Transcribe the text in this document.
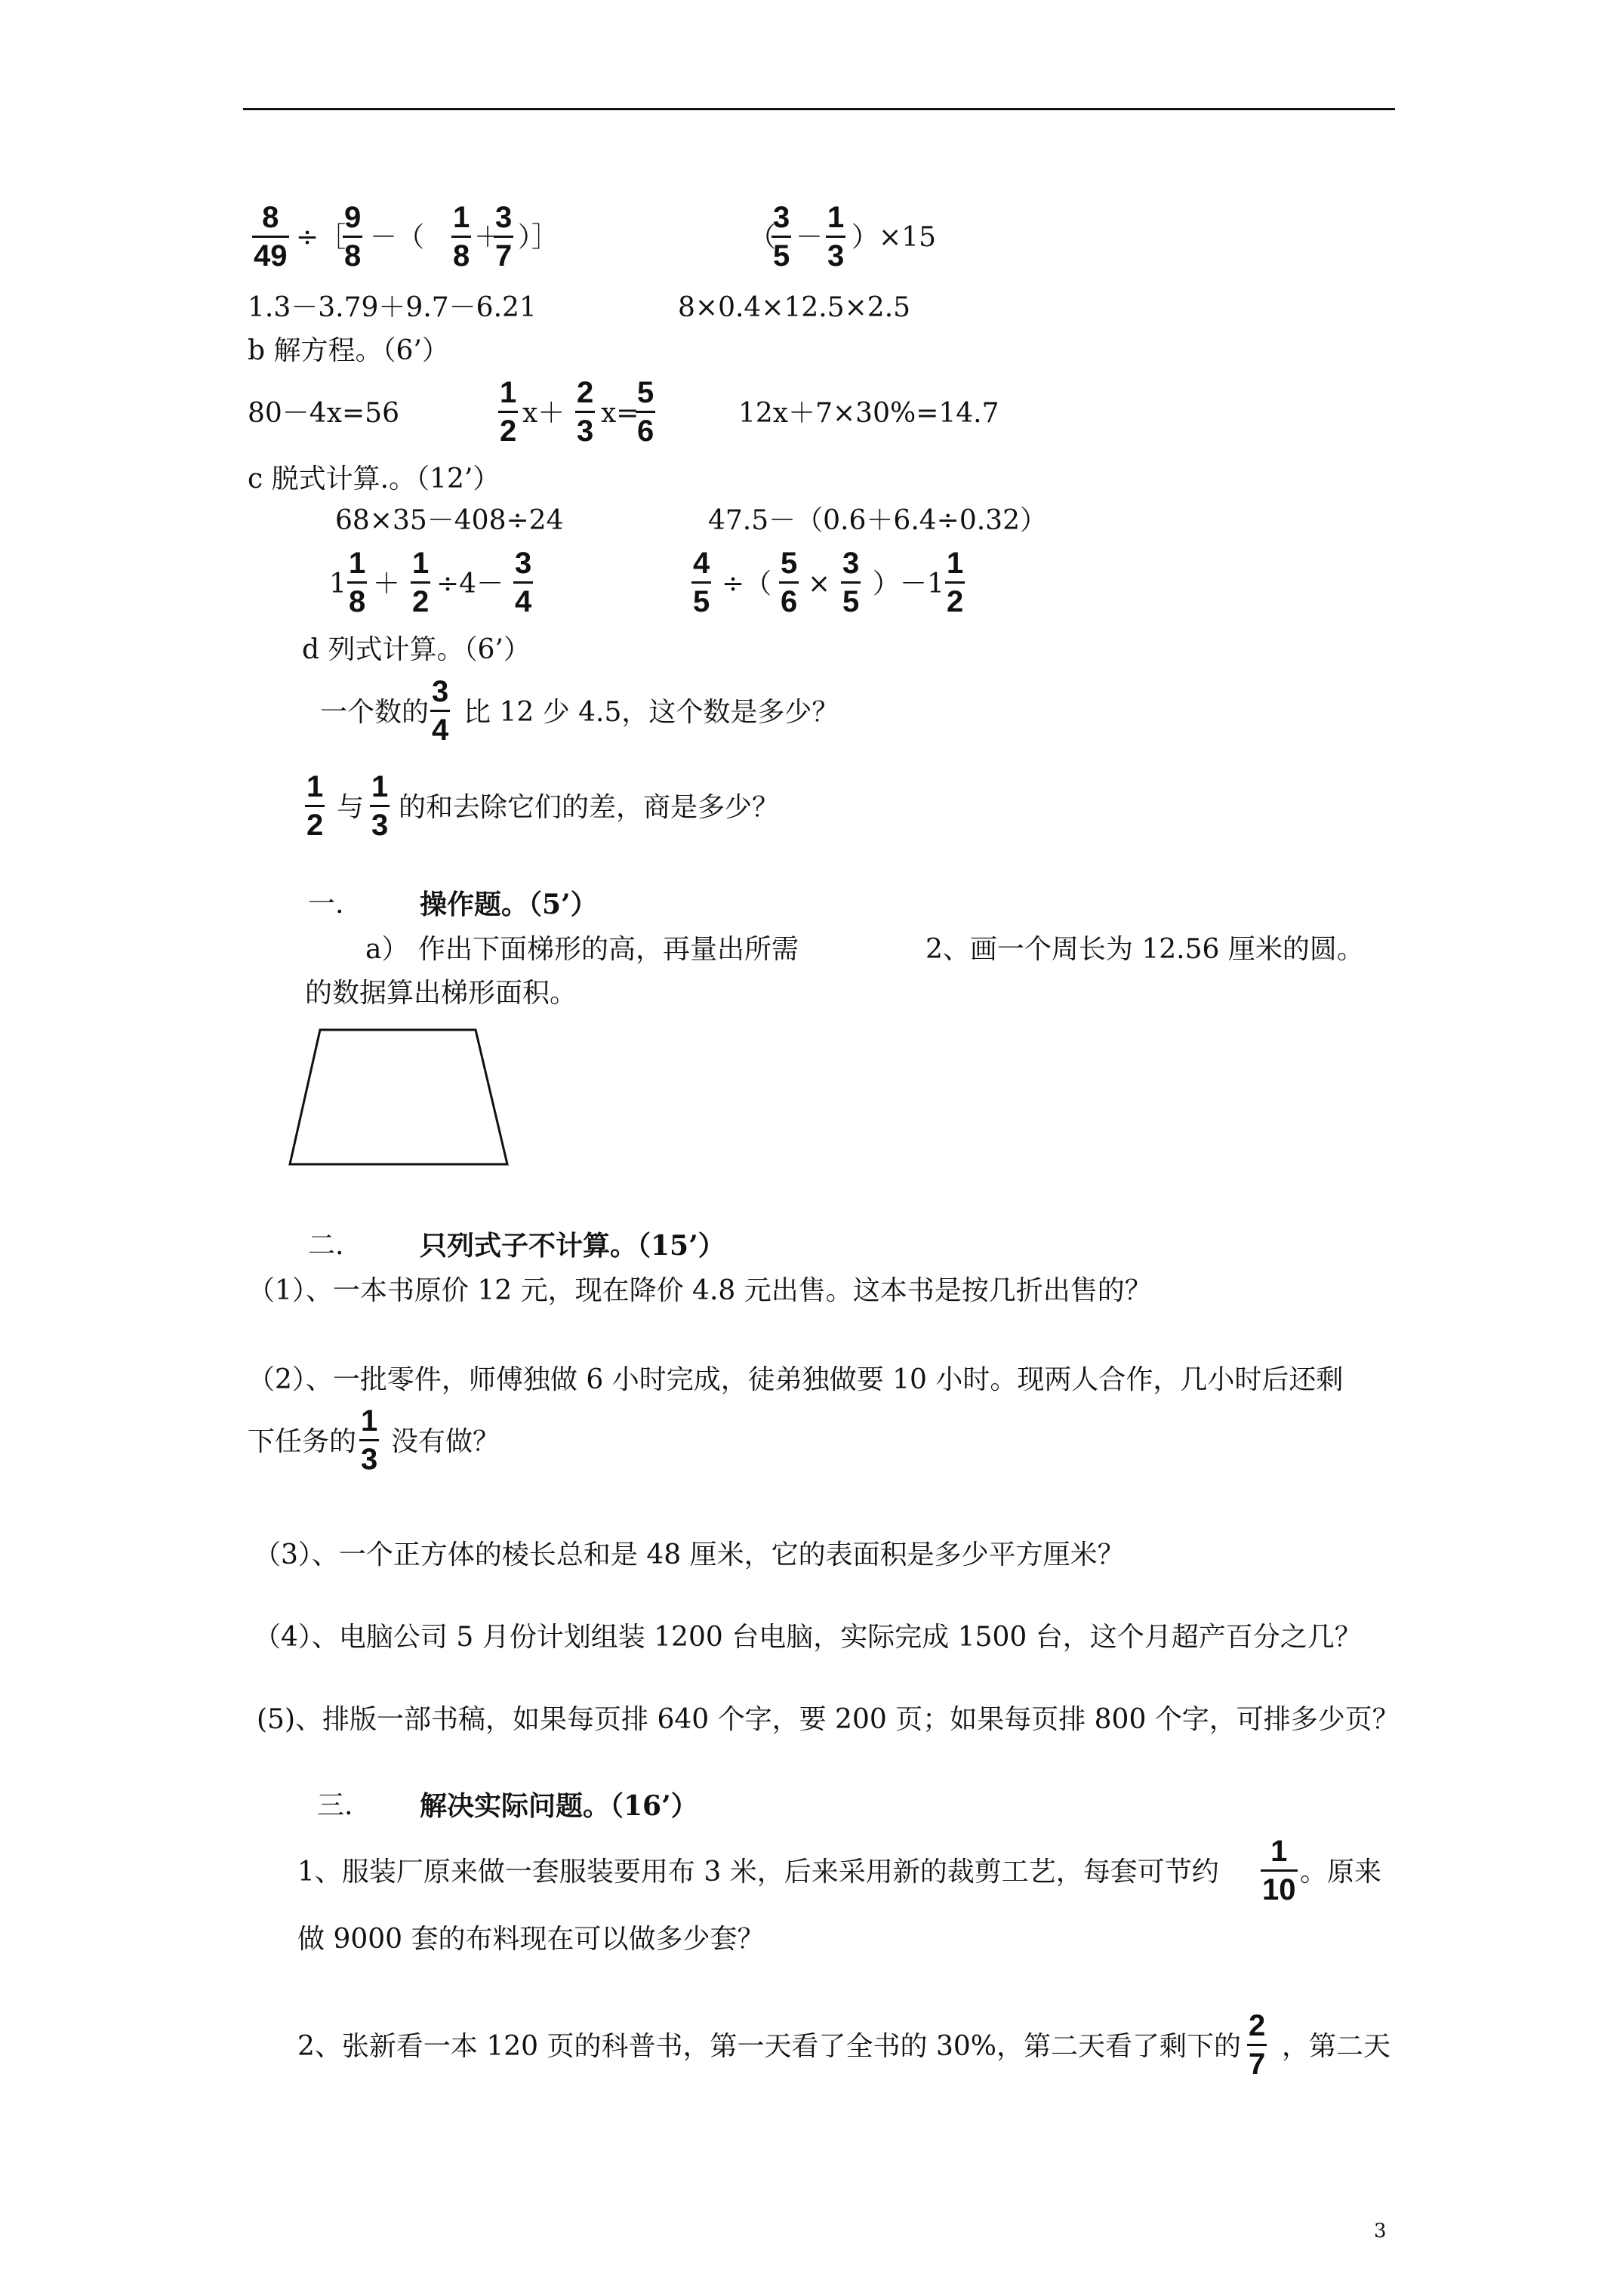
$\frac{8}{49}$ ÷［
$\frac{9}{8}$ －（ $\frac{1}{8}$ ＋
$\frac{3}{7}$ ）］	（
$\frac{3}{5} - \frac{1}{3} )\times 15$
1.3－3.79＋9.7－6.21	8×0.4×12.5×2.5
b 解方程。（6’）
80－4x=56	$\frac{1}{2} x+ \frac{2}{3} x=$
$\frac{5}{6}$	12x＋7×30%=14.7
c 脱式计算.。（12’）
68×35－408÷24	47.5－（0.6＋6.4÷0.32）
$1 \frac{1}{8} + \frac{1}{2} \div 4- \frac{3}{4}$	$\frac{4}{5}$ ÷（ $\frac{5}{6} \times \frac{3}{5} )-1 \frac{1}{2}$
d 列式计算。（6’）
一个数的 $\frac{3}{4}$ 比 12 少 4.5，这个数是多少？
$\frac{1}{2}$ 与 $\frac{1}{3}$ 的和去除它们的差，商是多少？
一.	操作题。（5’）
a） 作出下面梯形的高，再量出所需	2、画一个周长为 12.56 厘米的圆。
的数据算出梯形面积。
二.	只列式子不计算。（15’）
（1）、一本书原价 12 元，现在降价 4.8 元出售。这本书是按几折出售的？
（2）、一批零件，师傅独做 6 小时完成，徒弟独做要 10 小时。现两人合作，几小时后还剩
下任务的 $\frac{1}{3}$ 没有做？
（3）、一个正方体的棱长总和是 48 厘米，它的表面积是多少平方厘米？
（4）、电脑公司 5 月份计划组装 1200 台电脑，实际完成 1500 台，这个月超产百分之几？
(5)、排版一部书稿，如果每页排 640 个字，要 200 页；如果每页排 800 个字，可排多少页？
三. 解决实际问题。（16’）
1、服装厂原来做一套服装要用布 3 米，后来采用新的裁剪工艺，每套可节约 $\frac{1}{10}$ 。原来
做 9000 套的布料现在可以做多少套？
2、张新看一本 120 页的科普书，第一天看了全书的 30%，第二天看了剩下的 $\frac{2}{7}$ ，第二天
3
